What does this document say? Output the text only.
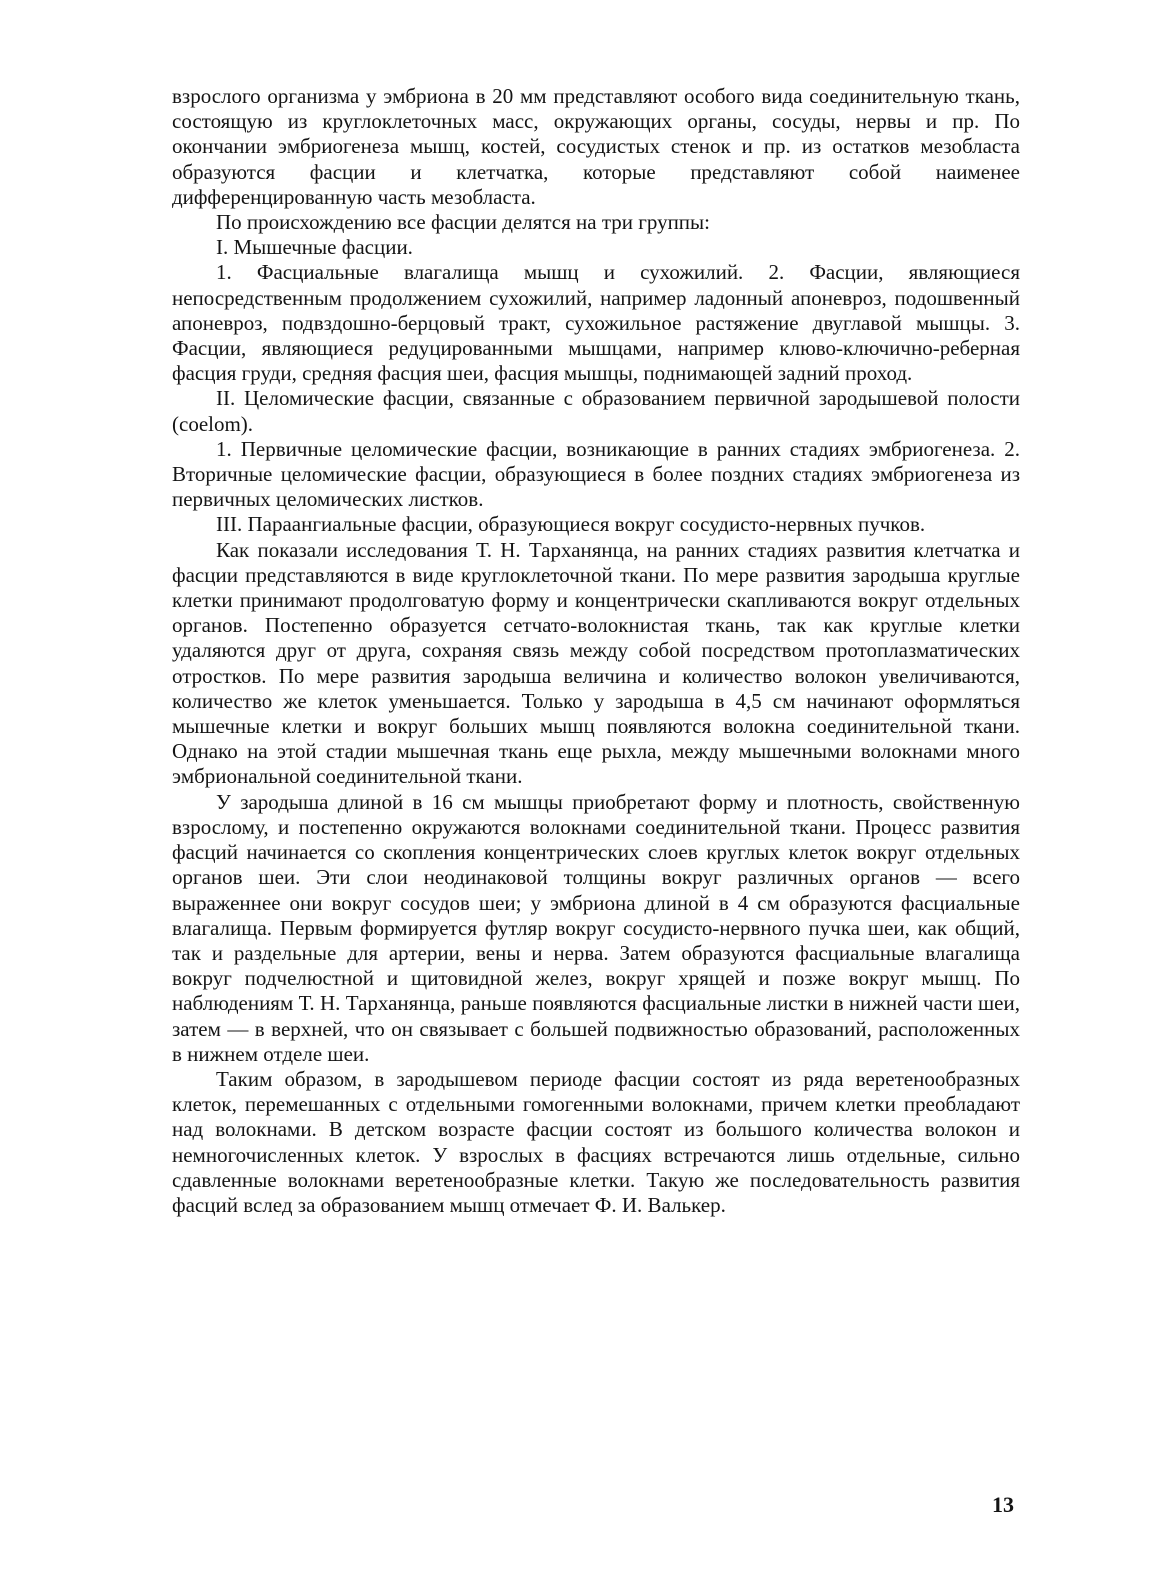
взрослого организма у эмбриона в 20 мм представляют особого вида соединительную ткань, состоящую из круглоклеточных масс, окружающих органы, сосуды, нервы и пр. По окончании эмбриогенеза мышц, костей, сосудистых стенок и пр. из остатков мезобласта образуются фасции и клетчатка, которые представляют собой наименее дифференцированную часть мезобласта.

По происхождению все фасции делятся на три группы:

I. Мышечные фасции.

1. Фасциальные влагалища мышц и сухожилий. 2. Фасции, являющиеся непосредственным продолжением сухожилий, например ладонный апоневроз, подошвенный апоневроз, подвздошно-берцовый тракт, сухожильное растяжение двуглавой мышцы. 3. Фасции, являющиеся редуцированными мышцами, например клюво-ключично-реберная фасция груди, средняя фасция шеи, фасция мышцы, поднимающей задний проход.

II. Целомические фасции, связанные с образованием первичной зародышевой полости (coelom).

1. Первичные целомические фасции, возникающие в ранних стадиях эмбриогенеза. 2. Вторичные целомические фасции, образующиеся в более поздних стадиях эмбриогенеза из первичных целомических листков.

III. Параангиальные фасции, образующиеся вокруг сосудисто-нервных пучков.

Как показали исследования Т. Н. Тарханянца, на ранних стадиях развития клетчатка и фасции представляются в виде круглоклеточной ткани. По мере развития зародыша круглые клетки принимают продолговатую форму и концентрически скапливаются вокруг отдельных органов. Постепенно образуется сетчато-волокнистая ткань, так как круглые клетки удаляются друг от друга, сохраняя связь между собой посредством протоплазматических отростков. По мере развития зародыша величина и количество волокон увеличиваются, количество же клеток уменьшается. Только у зародыша в 4,5 см начинают оформляться мышечные клетки и вокруг больших мышц появляются волокна соединительной ткани. Однако на этой стадии мышечная ткань еще рыхла, между мышечными волокнами много эмбриональной соединительной ткани.

У зародыша длиной в 16 см мышцы приобретают форму и плотность, свойственную взрослому, и постепенно окружаются волокнами соединительной ткани. Процесс развития фасций начинается со скопления концентрических слоев круглых клеток вокруг отдельных органов шеи. Эти слои неодинаковой толщины вокруг различных органов — всего выраженнее они вокруг сосудов шеи; у эмбриона длиной в 4 см образуются фасциальные влагалища. Первым формируется футляр вокруг сосудисто-нервного пучка шеи, как общий, так и раздельные для артерии, вены и нерва. Затем образуются фасциальные влагалища вокруг подчелюстной и щитовидной желез, вокруг хрящей и позже вокруг мышц. По наблюдениям Т. Н. Тарханянца, раньше появляются фасциальные листки в нижней части шеи, затем — в верхней, что он связывает с большей подвижностью образований, расположенных в нижнем отделе шеи.

Таким образом, в зародышевом периоде фасции состоят из ряда веретенообразных клеток, перемешанных с отдельными гомогенными волокнами, причем клетки преобладают над волокнами. В детском возрасте фасции состоят из большого количества волокон и немногочисленных клеток. У взрослых в фасциях встречаются лишь отдельные, сильно сдавленные волокнами веретенообразные клетки. Такую же последовательность развития фасций вслед за образованием мышц отмечает Ф. И. Валькер.

13
